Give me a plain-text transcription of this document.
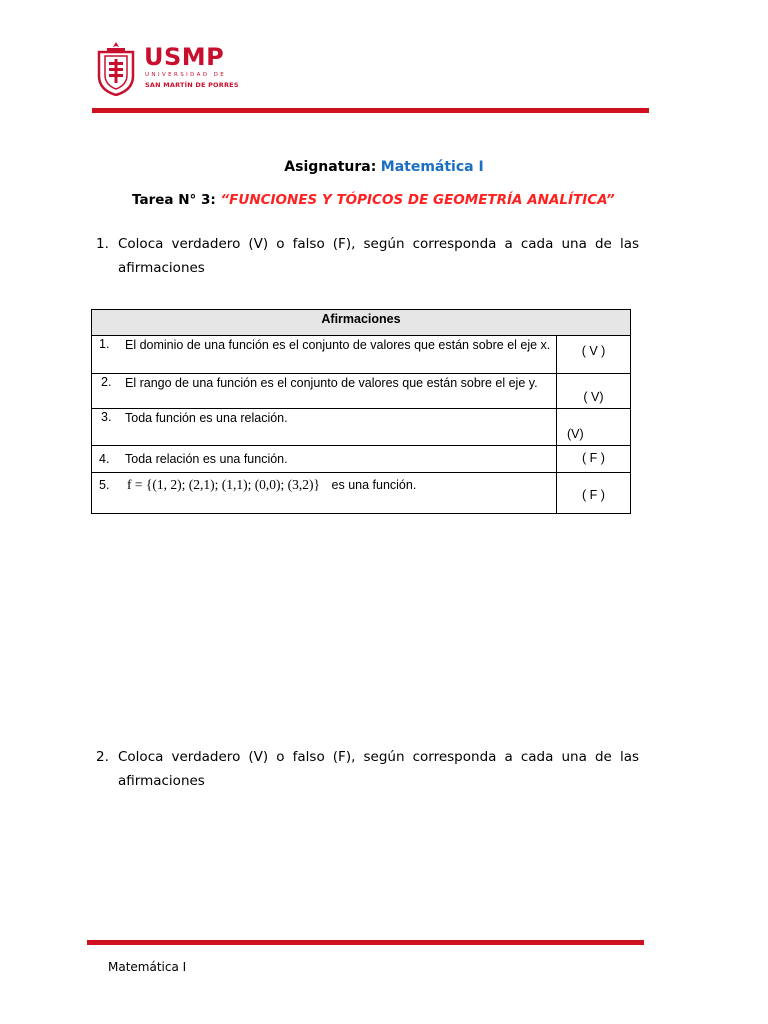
USMP
UNIVERSIDAD DE
SAN MARTÍN DE PORRES
Asignatura: Matemática I
Tarea N° 3: “FUNCIONES Y TÓPICOS DE GEOMETRÍA ANALÍTICA”
1. Coloca verdadero (V) o falso (F), según corresponda a cada una de las afirmaciones
Afirmaciones	

1. El dominio de una función es el conjunto de valores que están sobre el eje x.	( V )

2. El rango de una función es el conjunto de valores que están sobre el eje y.	( V)

3. Toda función es una relación.	(V)

4. Toda relación es una función.	( F )

5. f = {(1, 2); (2,1); (1,1); (0,0); (3,2)} es una función.	( F )
2. Coloca verdadero (V) o falso (F), según corresponda a cada una de las afirmaciones
Matemática I
